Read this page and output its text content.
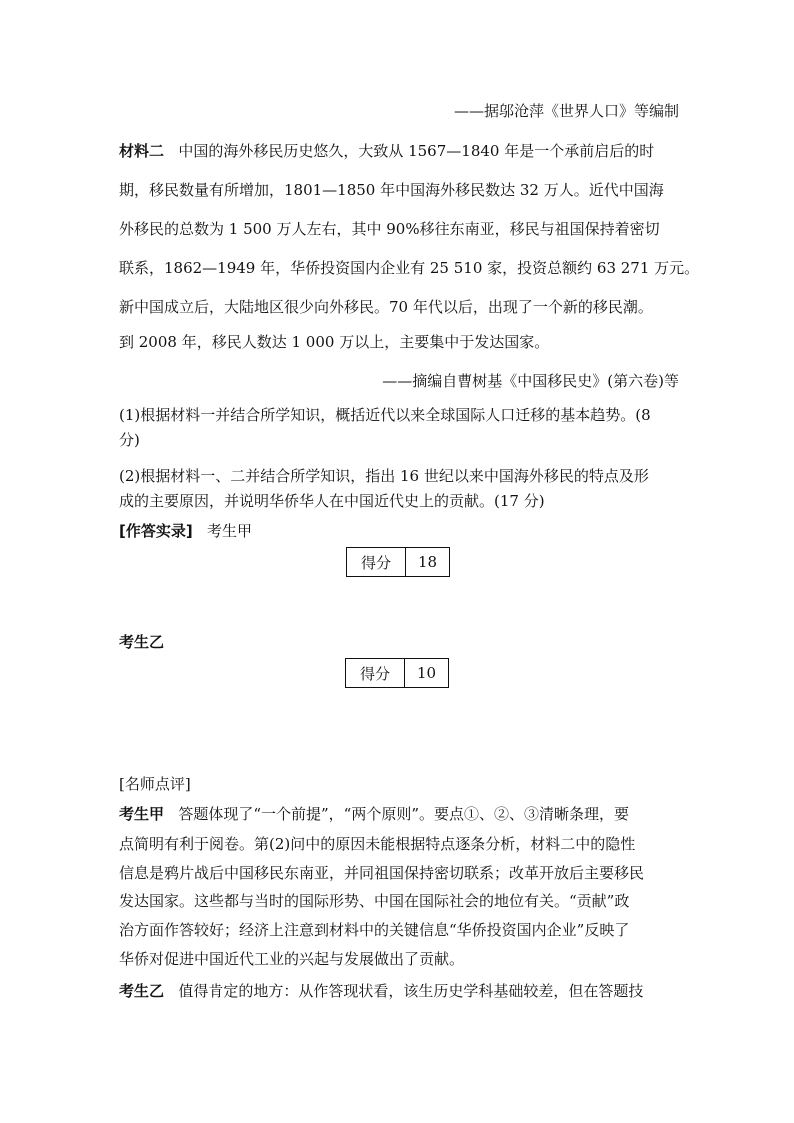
——据邬沧萍《世界人口》等编制
材料二 中国的海外移民历史悠久，大致从 1567—1840 年是一个承前启后的时
期，移民数量有所增加，1801—1850 年中国海外移民数达 32 万人。近代中国海
外移民的总数为 1 500 万人左右，其中 90%移往东南亚，移民与祖国保持着密切
联系，1862—1949 年，华侨投资国内企业有 25 510 家，投资总额约 63 271 万元。
新中国成立后，大陆地区很少向外移民。70 年代以后，出现了一个新的移民潮。
到 2008 年，移民人数达 1 000 万以上，主要集中于发达国家。
——摘编自曹树基《中国移民史》(第六卷)等
(1)根据材料一并结合所学知识，概括近代以来全球国际人口迁移的基本趋势。(8
分)
(2)根据材料一、二并结合所学知识，指出 16 世纪以来中国海外移民的特点及形
成的主要原因，并说明华侨华人在中国近代史上的贡献。(17 分)
[作答实录] 考生甲
得分	18
考生乙
得分	10
[名师点评]
考生甲 答题体现了“一个前提”，“两个原则”。要点①、②、③清晰条理，要
点简明有利于阅卷。第(2)问中的原因未能根据特点逐条分析，材料二中的隐性
信息是鸦片战后中国移民东南亚，并同祖国保持密切联系；改革开放后主要移民
发达国家。这些都与当时的国际形势、中国在国际社会的地位有关。“贡献”政
治方面作答较好；经济上注意到材料中的关键信息“华侨投资国内企业”反映了
华侨对促进中国近代工业的兴起与发展做出了贡献。
考生乙 值得肯定的地方：从作答现状看，该生历史学科基础较差，但在答题技
